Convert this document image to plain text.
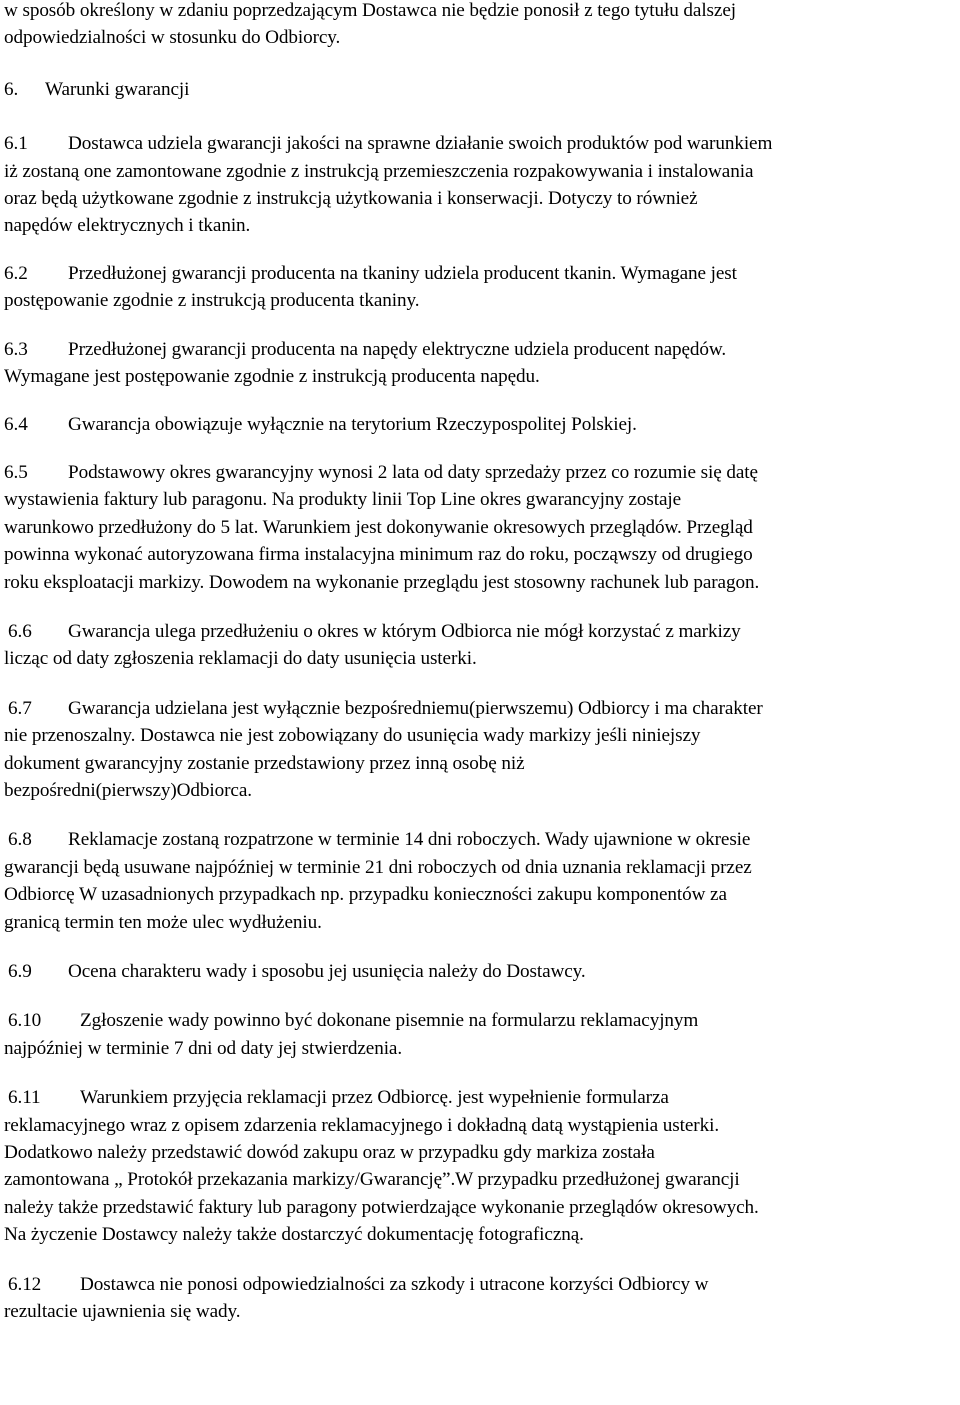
w sposób określony w zdaniu poprzedzającym Dostawca nie będzie ponosił z tego tytułu dalszej
odpowiedzialności w stosunku do Odbiorcy.

6. Warunki gwarancji

6.1 Dostawca udziela gwarancji jakości na sprawne działanie swoich produktów pod warunkiem
iż zostaną one zamontowane zgodnie z instrukcją przemieszczenia rozpakowywania i instalowania
oraz będą użytkowane zgodnie z instrukcją użytkowania i konserwacji. Dotyczy to również
napędów elektrycznych i tkanin.

6.2 Przedłużonej gwarancji producenta na tkaniny udziela producent tkanin. Wymagane jest
postępowanie zgodnie z instrukcją producenta tkaniny.

6.3 Przedłużonej gwarancji producenta na napędy elektryczne udziela producent napędów.
Wymagane jest postępowanie zgodnie z instrukcją producenta napędu.

6.4 Gwarancja obowiązuje wyłącznie na terytorium Rzeczypospolitej Polskiej.

6.5 Podstawowy okres gwarancyjny wynosi 2 lata od daty sprzedaży przez co rozumie się datę
wystawienia faktury lub paragonu. Na produkty linii Top Line okres gwarancyjny zostaje
warunkowo przedłużony do 5 lat. Warunkiem jest dokonywanie okresowych przeglądów. Przegląd
powinna wykonać autoryzowana firma instalacyjna minimum raz do roku, począwszy od drugiego
roku eksploatacji markizy. Dowodem na wykonanie przeglądu jest stosowny rachunek lub paragon.

6.6 Gwarancja ulega przedłużeniu o okres w którym Odbiorca nie mógł korzystać z markizy
licząc od daty zgłoszenia reklamacji do daty usunięcia usterki.

6.7 Gwarancja udzielana jest wyłącznie bezpośredniemu(pierwszemu) Odbiorcy i ma charakter
nie przenoszalny. Dostawca nie jest zobowiązany do usunięcia wady markizy jeśli niniejszy
dokument gwarancyjny zostanie przedstawiony przez inną osobę niż
bezpośredni(pierwszy)Odbiorca.

6.8 Reklamacje zostaną rozpatrzone w terminie 14 dni roboczych. Wady ujawnione w okresie
gwarancji będą usuwane najpóźniej w terminie 21 dni roboczych od dnia uznania reklamacji przez
Odbiorcę W uzasadnionych przypadkach np. przypadku konieczności zakupu komponentów za
granicą termin ten może ulec wydłużeniu.

6.9 Ocena charakteru wady i sposobu jej usunięcia należy do Dostawcy.

6.10 Zgłoszenie wady powinno być dokonane pisemnie na formularzu reklamacyjnym
najpóźniej w terminie 7 dni od daty jej stwierdzenia.

6.11 Warunkiem przyjęcia reklamacji przez Odbiorcę. jest wypełnienie formularza
reklamacyjnego wraz z opisem zdarzenia reklamacyjnego i dokładną datą wystąpienia usterki.
Dodatkowo należy przedstawić dowód zakupu oraz w przypadku gdy markiza została
zamontowana „ Protokół przekazania markizy/Gwarancję”.W przypadku przedłużonej gwarancji
należy także przedstawić faktury lub paragony potwierdzające wykonanie przeglądów okresowych.
Na życzenie Dostawcy należy także dostarczyć dokumentację fotograficzną.

6.12 Dostawca nie ponosi odpowiedzialności za szkody i utracone korzyści Odbiorcy w
rezultacie ujawnienia się wady.
